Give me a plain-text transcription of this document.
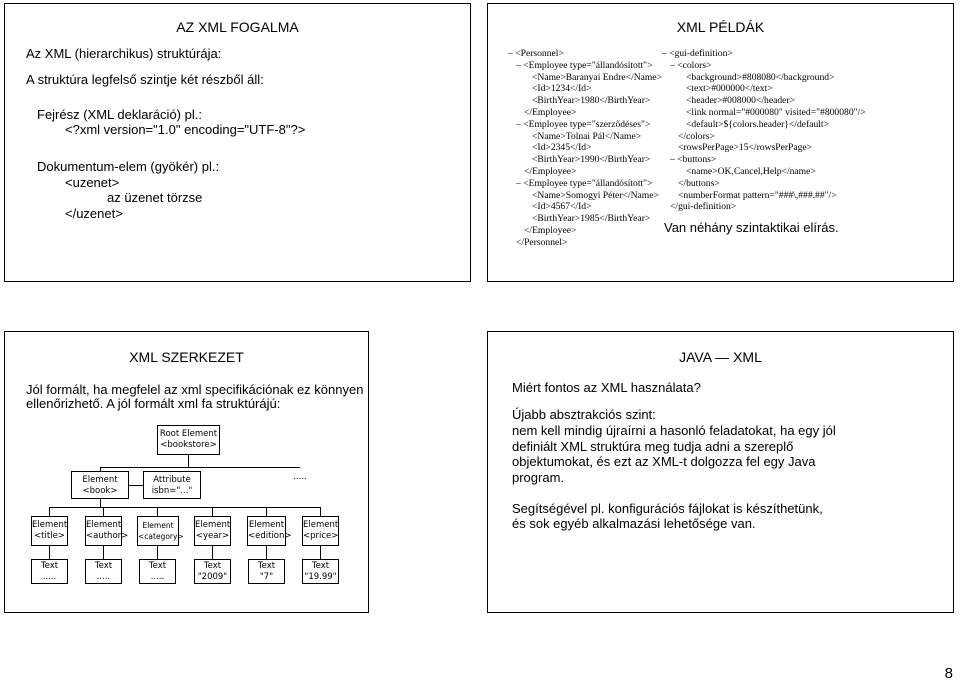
AZ XML FOGALMA
Az XML (hierarchikus) struktúrája:
A struktúra legfelső szintje két részből áll:
Fejrész (XML deklaráció) pl.:
<?xml version="1.0" encoding="UTF-8"?>
Dokumentum-elem (gyökér) pl.:
<uzenet>
az üzenet törzse
</uzenet>
XML PÉLDÁK
– <Personnel>
– <Employee type="állandósított">
<Name>Baranyai Endre</Name>
<Id>1234</Id>
<BirthYear>1980</BirthYear>
</Employee>
– <Employee type="szerződéses">
<Name>Tolnai Pál</Name>
<Id>2345</Id>
<BirthYear>1990</BirthYear>
</Employee>
– <Employee type="állandósított">
<Name>Somogyi Péter</Name>
<Id>4567</Id>
<BirthYear>1985</BirthYear>
</Employee>
</Personnel>
– <gui-definition>
– <colors>
<background>#808080</background>
<text>#000000</text>
<header>#008000</header>
<link normal="#000080" visited="#800080"/>
<default>${colors.header}</default>
</colors>
<rowsPerPage>15</rowsPerPage>
– <buttons>
<name>OK,Cancel,Help</name>
</buttons>
<numberFormat pattern="###\,###.##"/>
</gui-definition>
Van néhány szintaktikai elírás.
XML SZERKEZET
Jól formált, ha megfelel az xml specifikációnak ez könnyen
ellenőrizhető. A jól formált xml fa struktúrájú:
Root Element
<bookstore>
Element
<book>
Attribute
isbn="..."
.....
Element
<title>
Element
<author>
Element
<category>
Element
<year>
Element
<edition>
Element
<price>
Text
.....
Text
.....
Text
.....
Text
"2009"
Text
"7"
Text
"19.99"
JAVA — XML
Miért fontos az XML használata?
Újabb absztrakciós szint:
nem kell mindig újraírni a hasonló feladatokat, ha egy jól
definiált XML struktúra meg tudja adni a szereplő
objektumokat, és ezt az XML-t dolgozza fel egy Java
program.
Segítségével pl. konfigurációs fájlokat is készíthetünk,
és sok egyéb alkalmazási lehetősége van.
8
